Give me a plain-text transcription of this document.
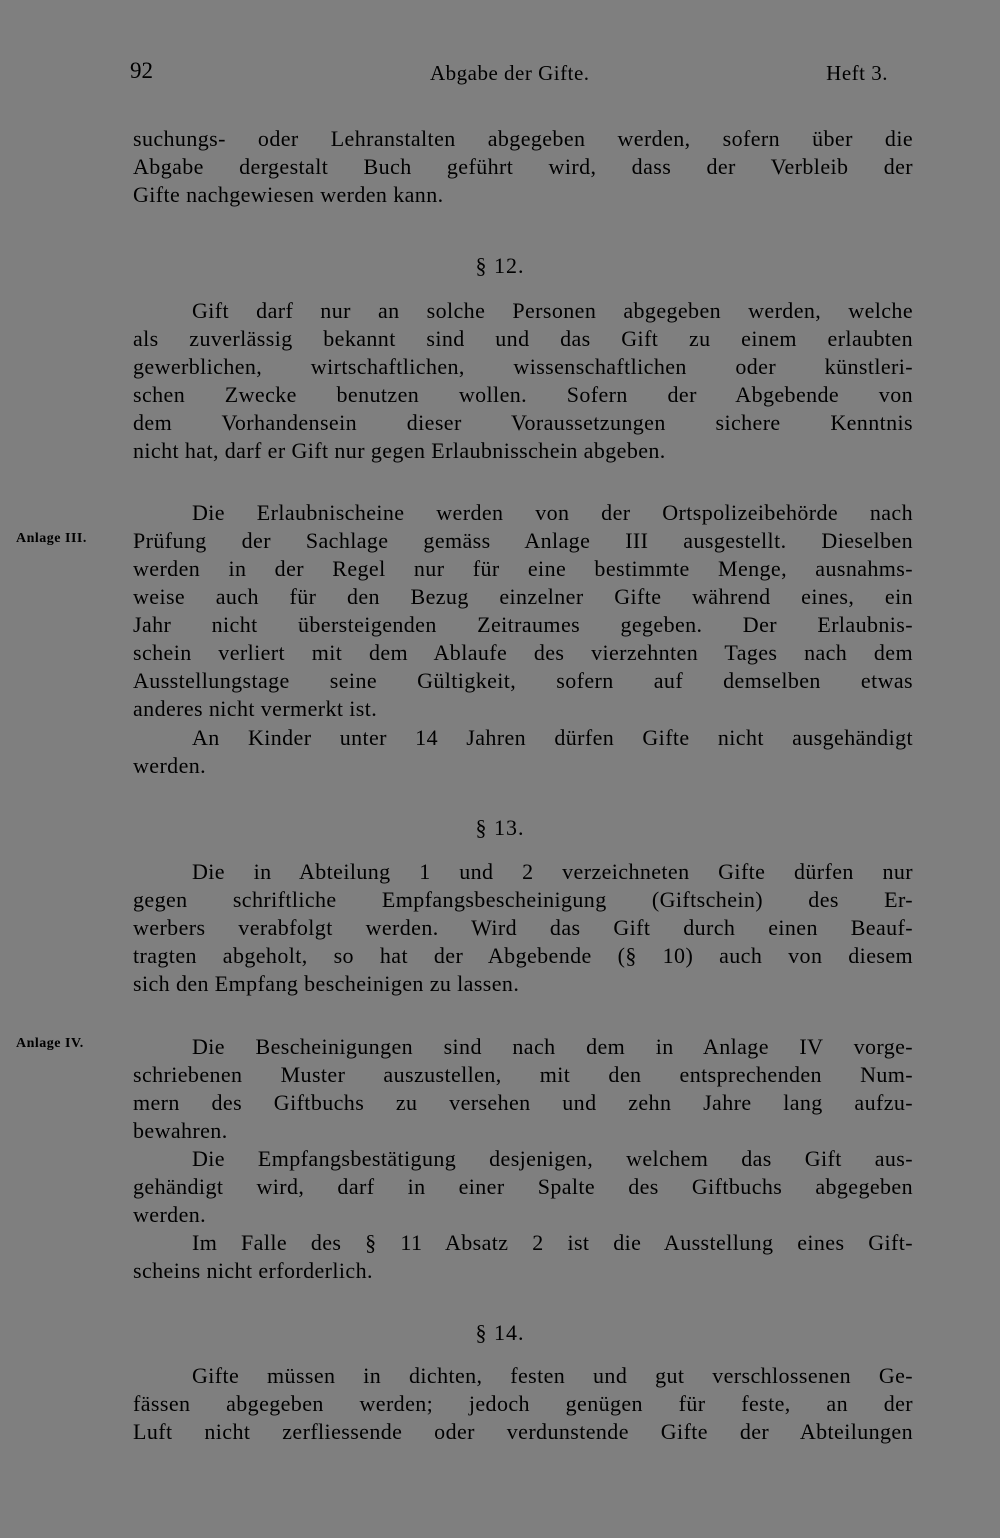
92	Abgabe der Gifte.	Heft 3.
suchungs- oder Lehranstalten abgegeben werden, sofern über die
Abgabe dergestalt Buch geführt wird, dass der Verbleib der
Gifte nachgewiesen werden kann.
§ 12.
Gift darf nur an solche Personen abgegeben werden, welche
als zuverlässig bekannt sind und das Gift zu einem erlaubten
gewerblichen, wirtschaftlichen, wissenschaftlichen oder künstleri-
schen Zwecke benutzen wollen. Sofern der Abgebende von
dem Vorhandensein dieser Voraussetzungen sichere Kenntnis
nicht hat, darf er Gift nur gegen Erlaubnisschein abgeben.
Die Erlaubnischeine werden von der Ortspolizeibehörde nach
Anlage III. Prüfung der Sachlage gemäss Anlage III ausgestellt. Dieselben
werden in der Regel nur für eine bestimmte Menge, ausnahms-
weise auch für den Bezug einzelner Gifte während eines, ein
Jahr nicht übersteigenden Zeitraumes gegeben. Der Erlaubnis-
schein verliert mit dem Ablaufe des vierzehnten Tages nach dem
Ausstellungstage seine Gültigkeit, sofern auf demselben etwas
anderes nicht vermerkt ist.
An Kinder unter 14 Jahren dürfen Gifte nicht ausgehändigt
werden.
§ 13.
Die in Abteilung 1 und 2 verzeichneten Gifte dürfen nur
gegen schriftliche Empfangsbescheinigung (Giftschein) des Er-
werbers verabfolgt werden. Wird das Gift durch einen Beauf-
tragten abgeholt, so hat der Abgebende (§ 10) auch von diesem
sich den Empfang bescheinigen zu lassen.
Anlage IV.	Die Bescheinigungen sind nach dem in Anlage IV vorge-
schriebenen Muster auszustellen, mit den entsprechenden Num-
mern des Giftbuchs zu versehen und zehn Jahre lang aufzu-
bewahren.
Die Empfangsbestätigung desjenigen, welchem das Gift aus-
gehändigt wird, darf in einer Spalte des Giftbuchs abgegeben
werden.
Im Falle des § 11 Absatz 2 ist die Ausstellung eines Gift-
scheins nicht erforderlich.
§ 14.
Gifte müssen in dichten, festen und gut verschlossenen Ge-
fässen abgegeben werden; jedoch genügen für feste, an der
Luft nicht zerfliessende oder verdunstende Gifte der Abteilungen
